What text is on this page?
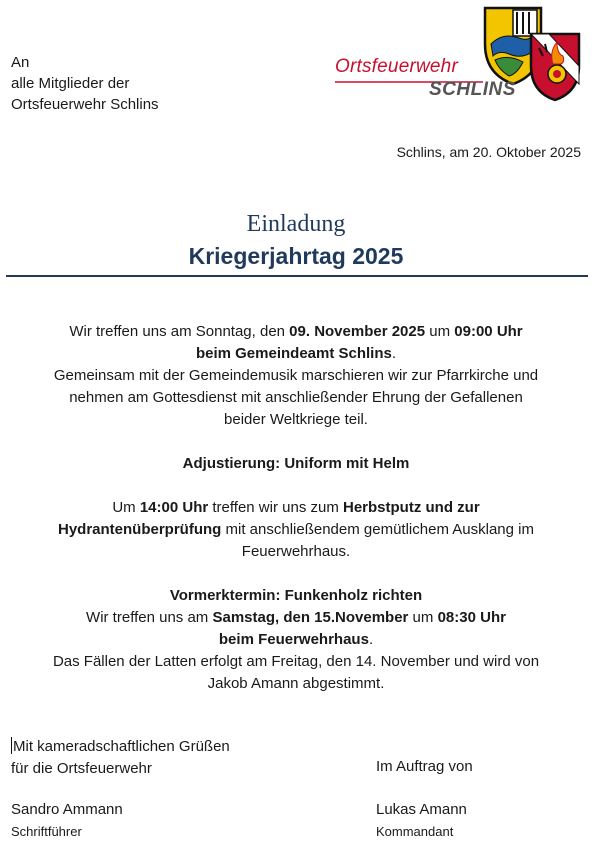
An
alle Mitglieder der
Ortsfeuerwehr Schlins
Ortsfeuerwehr
SCHLINS
Schlins, am 20. Oktober 2025
Einladung
Kriegerjahrtag 2025

Wir treffen uns am Sonntag, den 09. November 2025 um 09:00 Uhr
beim Gemeindeamt Schlins.
Gemeinsam mit der Gemeindemusik marschieren wir zur Pfarrkirche und
nehmen am Gottesdienst mit anschließender Ehrung der Gefallenen
beider Weltkriege teil.

Adjustierung: Uniform mit Helm

Um 14:00 Uhr treffen wir uns zum Herbstputz und zur
Hydrantenüberprüfung mit anschließendem gemütlichem Ausklang im
Feuerwehrhaus.

Vormerktermin: Funkenholz richten
Wir treffen uns am Samstag, den 15.November um 08:30 Uhr
beim Feuerwehrhaus.
Das Fällen der Latten erfolgt am Freitag, den 14. November und wird von
Jakob Amann abgestimmt.

Mit kameradschaftlichen Grüßen
für die Ortsfeuerwehr	Im Auftrag von
Sandro Ammann
Schriftführer
Lukas Amann
Kommandant
